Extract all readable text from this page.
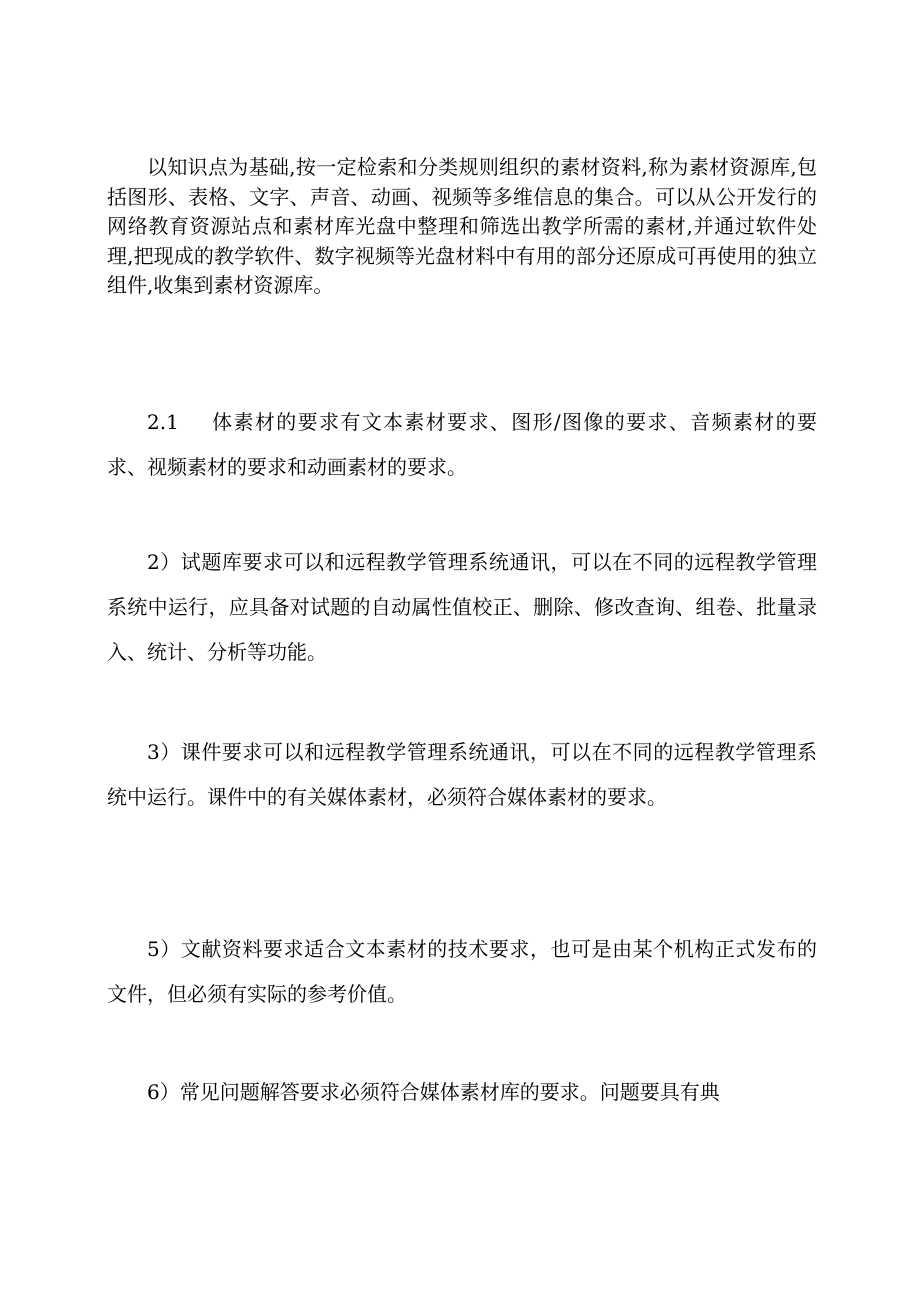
以知识点为基础,按一定检索和分类规则组织的素材资料,称为素材资源库,包括图形、表格、文字、声音、动画、视频等多维信息的集合。可以从公开发行的网络教育资源站点和素材库光盘中整理和筛选出教学所需的素材,并通过软件处理,把现成的教学软件、数字视频等光盘材料中有用的部分还原成可再使用的独立组件,收集到素材资源库。

2.1 体素材的要求有文本素材要求、图形/图像的要求、音频素材的要求、视频素材的要求和动画素材的要求。

2）试题库要求可以和远程教学管理系统通讯，可以在不同的远程教学管理系统中运行，应具备对试题的自动属性值校正、删除、修改查询、组卷、批量录入、统计、分析等功能。

3）课件要求可以和远程教学管理系统通讯，可以在不同的远程教学管理系统中运行。课件中的有关媒体素材，必须符合媒体素材的要求。

5）文献资料要求适合文本素材的技术要求，也可是由某个机构正式发布的文件，但必须有实际的参考价值。

6）常见问题解答要求必须符合媒体素材库的要求。问题要具有典
